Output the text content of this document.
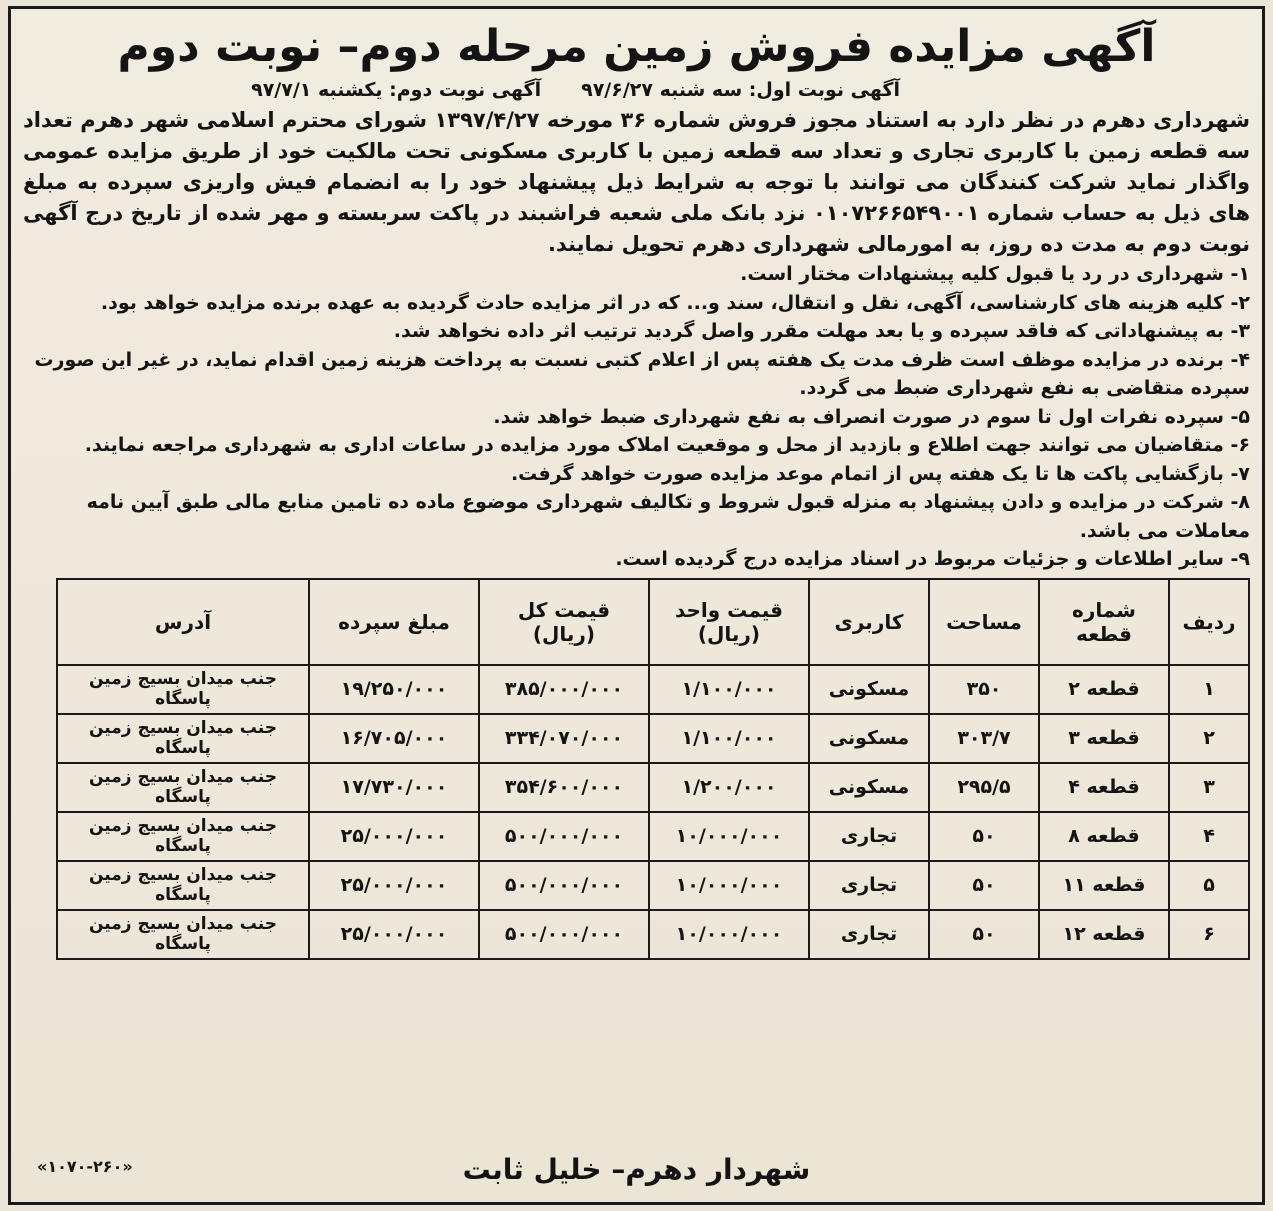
آگهی مزایده فروش زمین مرحله دوم– نوبت دوم
آگهی نوبت اول: سه شنبه ۹۷/۶/۲۷
آگهی نوبت دوم: یکشنبه ۹۷/۷/۱

شهرداری دهرم در نظر دارد به استناد مجوز فروش شماره ۳۶ مورخه ۱۳۹۷/۴/۲۷ شورای محترم اسلامی شهر دهرم تعداد سه قطعه زمین با کاربری تجاری و تعداد سه قطعه زمین با کاربری مسکونی تحت مالکیت خود از طریق مزایده عمومی واگذار نماید شرکت کنندگان می توانند با توجه به شرایط ذیل پیشنهاد خود را به انضمام فیش واریزی سپرده به مبلغ های ذیل به حساب شماره ۰۱۰۷۲۶۶۵۴۹۰۰۱ نزد بانک ملی شعبه فراشبند در پاکت سربسته و مهر شده از تاریخ درج آگهی نوبت دوم به مدت ده روز، به امورمالی شهرداری دهرم تحویل نمایند.

۱- شهرداری در رد یا قبول کلیه پیشنهادات مختار است.
۲- کلیه هزینه های کارشناسی، آگهی، نقل و انتقال، سند و... که در اثر مزایده حادث گردیده به عهده برنده مزایده خواهد بود.
۳- به پیشنهاداتی که فاقد سپرده و یا بعد مهلت مقرر واصل گردید ترتیب اثر داده نخواهد شد.
۴- برنده در مزایده موظف است ظرف مدت یک هفته پس از اعلام کتبی نسبت به پرداخت هزینه زمین اقدام نماید، در غیر این صورت سپرده متقاضی به نفع شهرداری ضبط می گردد.
۵- سپرده نفرات اول تا سوم در صورت انصراف به نفع شهرداری ضبط خواهد شد.
۶- متقاضیان می توانند جهت اطلاع و بازدید از محل و موقعیت املاک مورد مزایده در ساعات اداری به شهرداری مراجعه نمایند.
۷- بازگشایی پاکت ها تا یک هفته پس از اتمام موعد مزایده صورت خواهد گرفت.
۸- شرکت در مزایده و دادن پیشنهاد به منزله قبول شروط و تکالیف شهرداری موضوع ماده ده تامین منابع مالی طبق آیین نامه معاملات می باشد.
۹- سایر اطلاعات و جزئیات مربوط در اسناد مزایده درج گردیده است.
ردیف	شماره قطعه	مساحت	کاربری	قیمت واحد (ریال)	قیمت کل (ریال)	مبلغ سپرده	آدرس
۱	قطعه ۲	۳۵۰	مسکونی	۱/۱۰۰/۰۰۰	۳۸۵/۰۰۰/۰۰۰	۱۹/۲۵۰/۰۰۰	جنب میدان بسیج زمین پاسگاه
۲	قطعه ۳	۳۰۳/۷	مسکونی	۱/۱۰۰/۰۰۰	۳۳۴/۰۷۰/۰۰۰	۱۶/۷۰۵/۰۰۰	جنب میدان بسیج زمین پاسگاه
۳	قطعه ۴	۲۹۵/۵	مسکونی	۱/۲۰۰/۰۰۰	۳۵۴/۶۰۰/۰۰۰	۱۷/۷۳۰/۰۰۰	جنب میدان بسیج زمین پاسگاه
۴	قطعه ۸	۵۰	تجاری	۱۰/۰۰۰/۰۰۰	۵۰۰/۰۰۰/۰۰۰	۲۵/۰۰۰/۰۰۰	جنب میدان بسیج زمین پاسگاه
۵	قطعه ۱۱	۵۰	تجاری	۱۰/۰۰۰/۰۰۰	۵۰۰/۰۰۰/۰۰۰	۲۵/۰۰۰/۰۰۰	جنب میدان بسیج زمین پاسگاه
۶	قطعه ۱۲	۵۰	تجاری	۱۰/۰۰۰/۰۰۰	۵۰۰/۰۰۰/۰۰۰	۲۵/۰۰۰/۰۰۰	جنب میدان بسیج زمین پاسگاه
شهردار دهرم– خلیل ثابت
«۱۰۷۰-۲۶۰»
